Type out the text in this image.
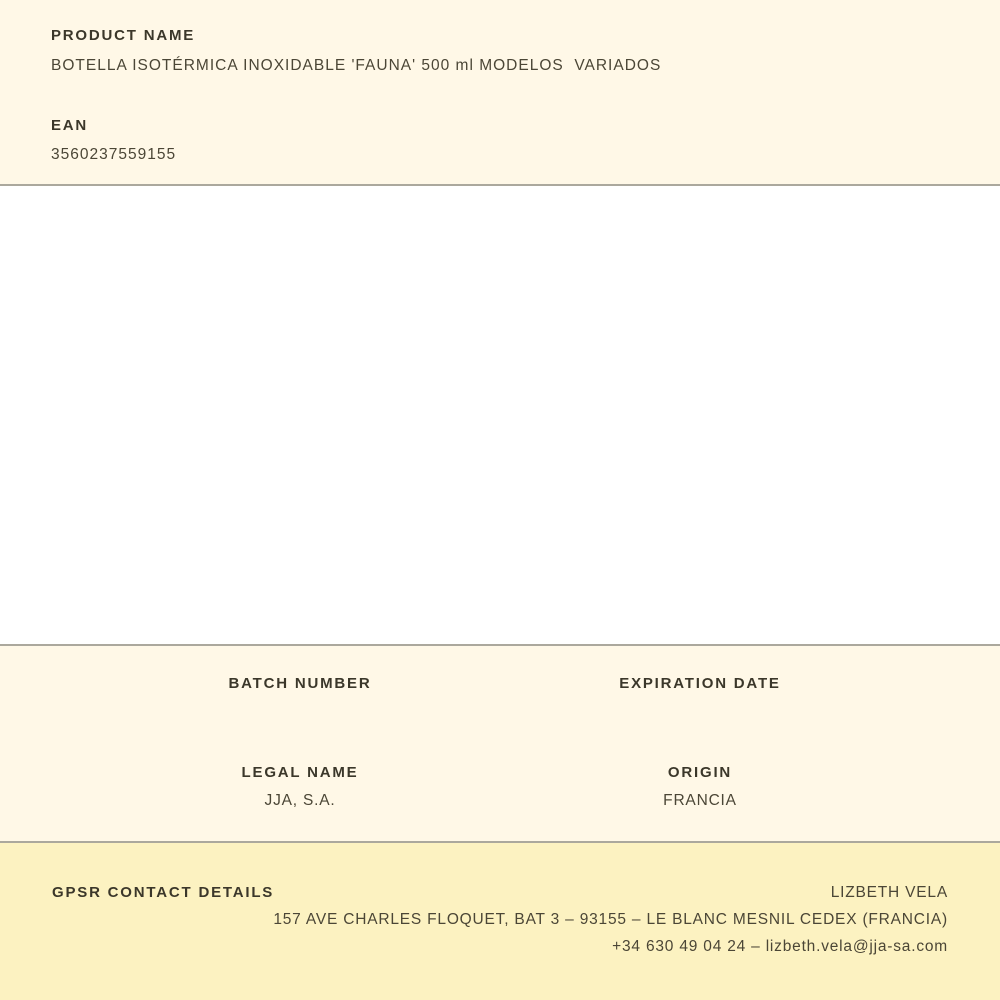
PRODUCT NAME
BOTELLA ISOTÉRMICA INOXIDABLE 'FAUNA' 500 ml MODELOS  VARIADOS
EAN
3560237559155
BATCH NUMBER	EXPIRATION DATE
LEGAL NAME
JJA, S.A.
ORIGIN
FRANCIA
GPSR CONTACT DETAILS	LIZBETH VELA
157 AVE CHARLES FLOQUET, BAT 3 – 93155 – LE BLANC MESNIL CEDEX (FRANCIA)
+34 630 49 04 24 – lizbeth.vela@jja-sa.com
